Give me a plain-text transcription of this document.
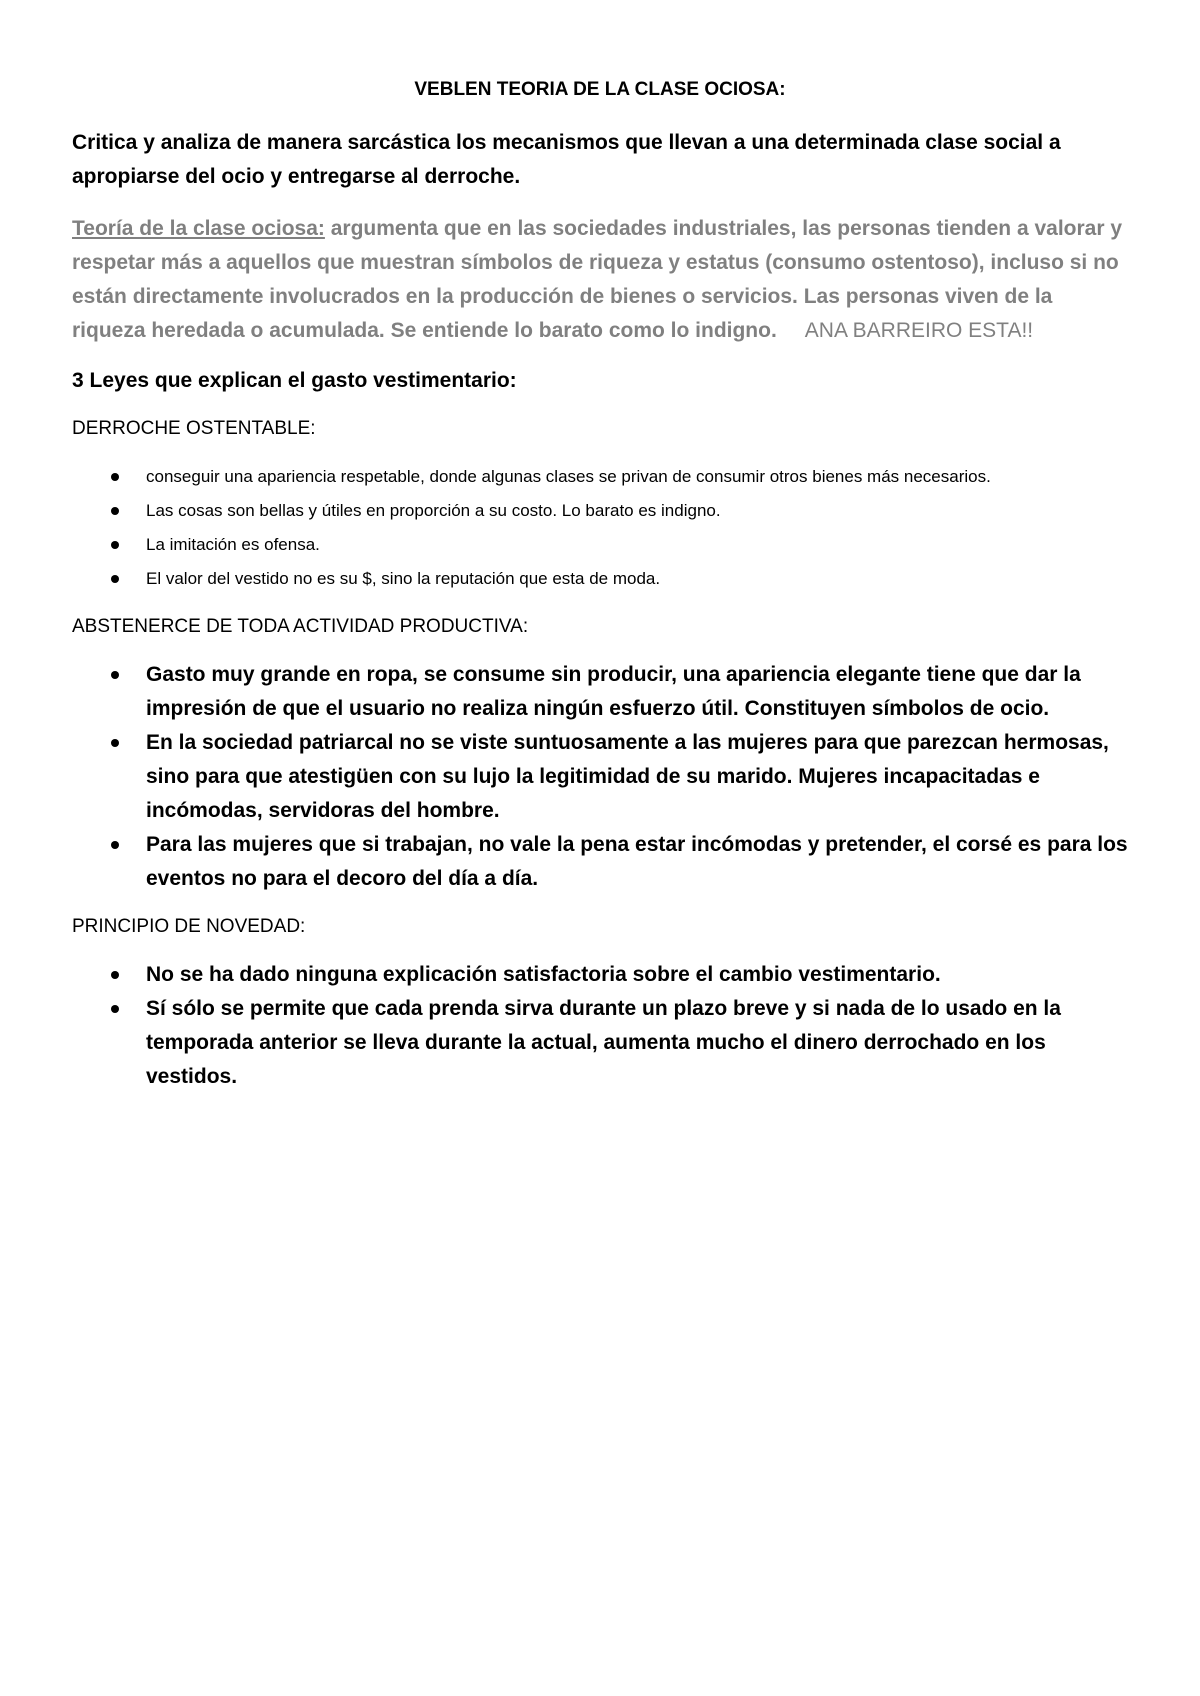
VEBLEN TEORIA DE LA CLASE OCIOSA:

Critica y analiza de manera sarcástica los mecanismos que llevan a una determinada clase social a apropiarse del ocio y entregarse al derroche.

Teoría de la clase ociosa: argumenta que en las sociedades industriales, las personas tienden a valorar y respetar más a aquellos que muestran símbolos de riqueza y estatus (consumo ostentoso), incluso si no están directamente involucrados en la producción de bienes o servicios. Las personas viven de la riqueza heredada o acumulada. Se entiende lo barato como lo indigno. ANA BARREIRO ESTA!!

3 Leyes que explican el gasto vestimentario:

DERROCHE OSTENTABLE:

conseguir una apariencia respetable, donde algunas clases se privan de consumir otros bienes más necesarios.
Las cosas son bellas y útiles en proporción a su costo. Lo barato es indigno.
La imitación es ofensa.
El valor del vestido no es su $, sino la reputación que esta de moda.

ABSTENERCE DE TODA ACTIVIDAD PRODUCTIVA:

Gasto muy grande en ropa, se consume sin producir, una apariencia elegante tiene que dar la impresión de que el usuario no realiza ningún esfuerzo útil. Constituyen símbolos de ocio.
En la sociedad patriarcal no se viste suntuosamente a las mujeres para que parezcan hermosas, sino para que atestigüen con su lujo la legitimidad de su marido. Mujeres incapacitadas e incómodas, servidoras del hombre.
Para las mujeres que si trabajan, no vale la pena estar incómodas y pretender, el corsé es para los eventos no para el decoro del día a día.

PRINCIPIO DE NOVEDAD:

No se ha dado ninguna explicación satisfactoria sobre el cambio vestimentario.
Sí sólo se permite que cada prenda sirva durante un plazo breve y si nada de lo usado en la temporada anterior se lleva durante la actual, aumenta mucho el dinero derrochado en los vestidos.
